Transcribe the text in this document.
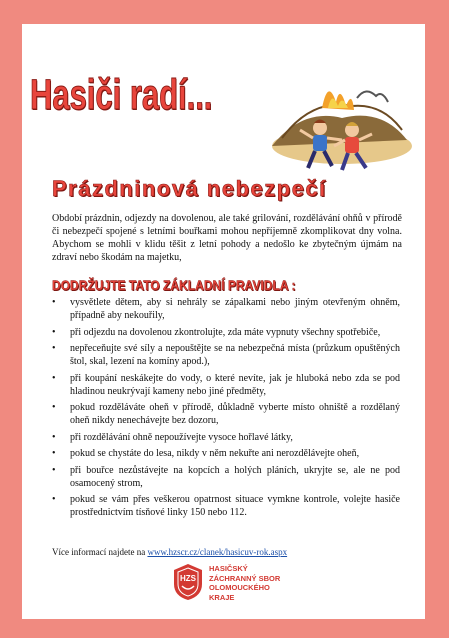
Hasiči radí...
Prázdninová nebezpečí
Období prázdnin, odjezdy na dovolenou, ale také grilování, rozdělávání ohňů v přírodě či nebezpečí spojené s letními bouřkami mohou nepříjemně zkomplikovat dny volna. Abychom se mohli v klidu těšit z letní pohody a nedošlo ke zbytečným újmám na zdraví nebo škodám na majetku,
DODRŽUJTE TATO ZÁKLADNÍ PRAVIDLA :
• vysvětlete dětem, aby si nehrály se zápalkami nebo jiným otevřeným ohněm, případně aby nekouřily,
• při odjezdu na dovolenou zkontrolujte, zda máte vypnuty všechny spotřebiče,
• nepřeceňujte své síly a nepouštějte se na nebezpečná místa (průzkum opuštěných štol, skal, lezení na komíny apod.),
• při koupání neskákejte do vody, o které nevíte, jak je hluboká nebo zda se pod hladinou neukrývají kameny nebo jiné předměty,
• pokud rozděláváte oheň v přírodě, důkladně vyberte místo ohniště a rozdělaný oheň nikdy nenechávejte bez dozoru,
• při rozdělávání ohně nepoužívejte vysoce hořlavé látky,
• pokud se chystáte do lesa, nikdy v něm nekuřte ani nerozdělávejte oheň,
• při bouřce nezůstávejte na kopcích a holých pláních, ukryjte se, ale ne pod osamocený strom,
• pokud se vám přes veškerou opatrnost situace vymkne kontrole, volejte hasiče prostřednictvím tísňové linky 150 nebo 112.
Více informací najdete na www.hzscr.cz/clanek/hasicuv-rok.aspx
HZS
HASIČSKÝ
ZÁCHRANNÝ SBOR
OLOMOUCKÉHO
KRAJE
